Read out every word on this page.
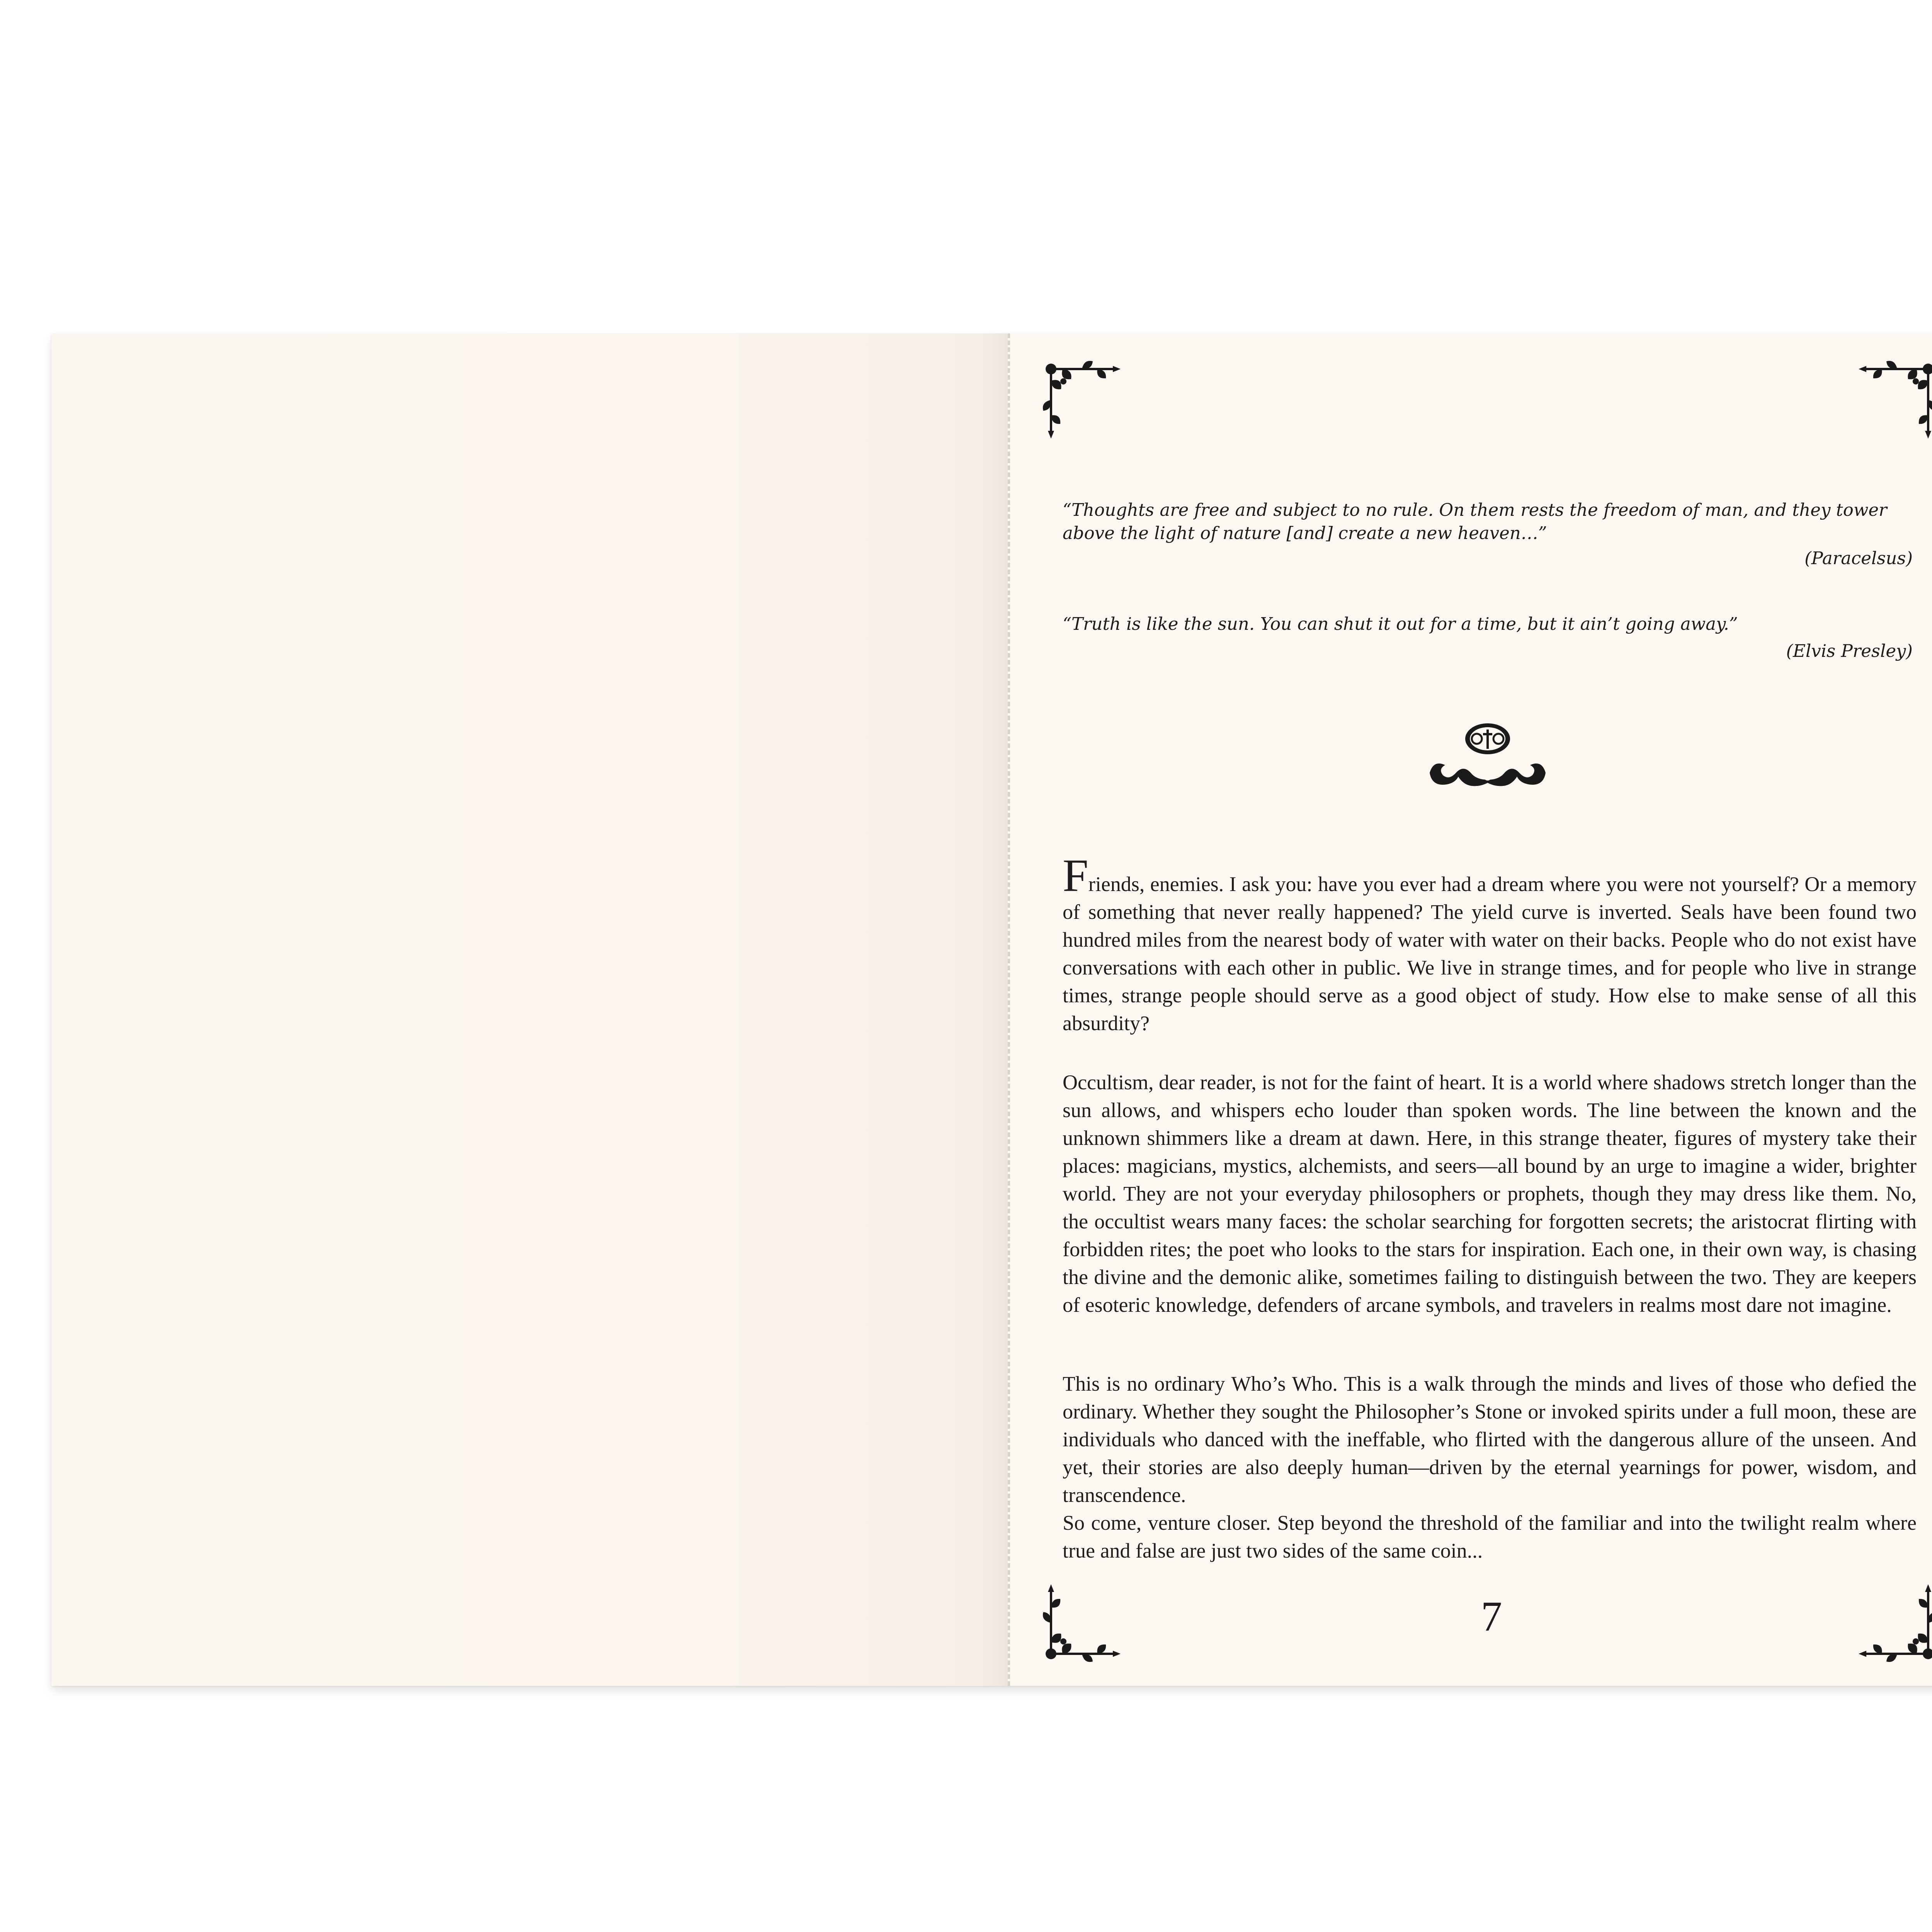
“Thoughts are free and subject to no rule. On them rests the freedom of man, and they tower above the light of nature [and] create a new heaven…”

(Paracelsus)

“Truth is like the sun. You can shut it out for a time, but it ain’t going away.”

(Elvis Presley)

Friends, enemies. I ask you: have you ever had a dream where you were not yourself? Or a memory of something that never really happened? The yield curve is inverted. Seals have been found two hundred miles from the nearest body of water with water on their backs. People who do not exist have conversations with each other in public. We live in strange times, and for people who live in strange times, strange people should serve as a good object of study. How else to make sense of all this absurdity?

Occultism, dear reader, is not for the faint of heart. It is a world where shadows stretch longer than the sun allows, and whispers echo louder than spoken words. The line between the known and the unknown shimmers like a dream at dawn. Here, in this strange theater, figures of mystery take their places: magicians, mystics, alchemists, and seers—all bound by an urge to imagine a wider, brighter world. They are not your everyday philosophers or prophets, though they may dress like them. No, the occultist wears many faces: the scholar searching for forgotten secrets; the aristocrat flirting with forbidden rites; the poet who looks to the stars for inspiration. Each one, in their own way, is chasing the divine and the demonic alike, sometimes failing to distinguish between the two. They are keepers of esoteric knowledge, defenders of arcane symbols, and travelers in realms most dare not imagine.

This is no ordinary Who’s Who. This is a walk through the minds and lives of those who defied the ordinary. Whether they sought the Philosopher’s Stone or invoked spirits under a full moon, these are individuals who danced with the ineffable, who flirted with the dangerous allure of the unseen. And yet, their stories are also deeply human—driven by the eternal yearnings for power, wisdom, and transcendence.

So come, venture closer. Step beyond the threshold of the familiar and into the twilight realm where true and false are just two sides of the same coin...

7
